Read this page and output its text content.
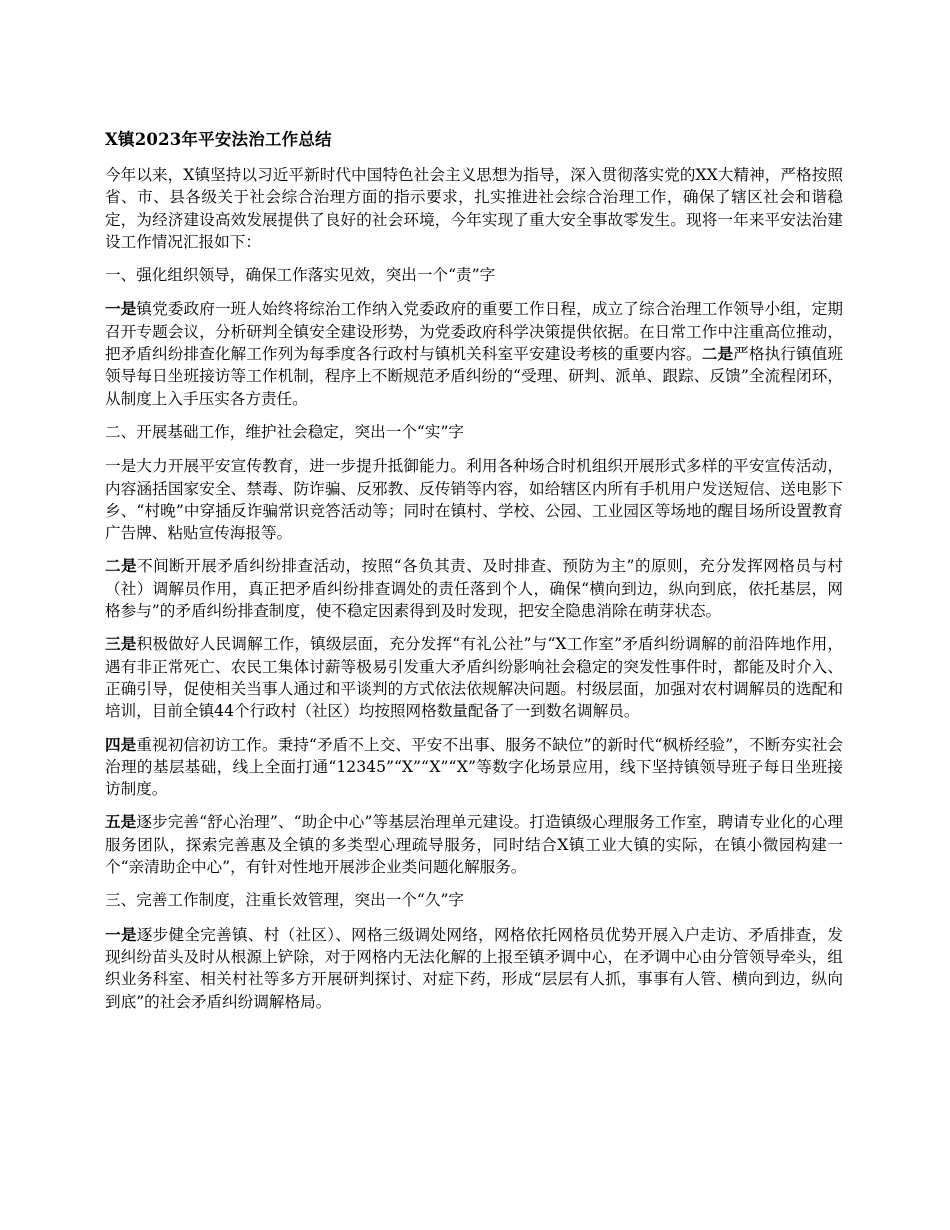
X镇2023年平安法治工作总结

今年以来，X镇坚持以习近平新时代中国特色社会主义思想为指导，深入贯彻落实党的XX大精神，严格按照省、市、县各级关于社会综合治理方面的指示要求，扎实推进社会综合治理工作，确保了辖区社会和谐稳定，为经济建设高效发展提供了良好的社会环境，今年实现了重大安全事故零发生。现将一年来平安法治建设工作情况汇报如下：

一、强化组织领导，确保工作落实见效，突出一个“责”字

一是镇党委政府一班人始终将综治工作纳入党委政府的重要工作日程，成立了综合治理工作领导小组，定期召开专题会议，分析研判全镇安全建设形势，为党委政府科学决策提供依据。在日常工作中注重高位推动，把矛盾纠纷排查化解工作列为每季度各行政村与镇机关科室平安建设考核的重要内容。二是严格执行镇值班领导每日坐班接访等工作机制，程序上不断规范矛盾纠纷的“受理、研判、派单、跟踪、反馈”全流程闭环，从制度上入手压实各方责任。

二、开展基础工作，维护社会稳定，突出一个“实”字

一是大力开展平安宣传教育，进一步提升抵御能力。利用各种场合时机组织开展形式多样的平安宣传活动，内容涵括国家安全、禁毒、防诈骗、反邪教、反传销等内容，如给辖区内所有手机用户发送短信、送电影下乡、“村晚”中穿插反诈骗常识竞答活动等；同时在镇村、学校、公园、工业园区等场地的醒目场所设置教育广告牌、粘贴宣传海报等。

二是不间断开展矛盾纠纷排查活动，按照“各负其责、及时排查、预防为主”的原则，充分发挥网格员与村（社）调解员作用，真正把矛盾纠纷排查调处的责任落到个人，确保“横向到边，纵向到底，依托基层，网格参与”的矛盾纠纷排查制度，使不稳定因素得到及时发现，把安全隐患消除在萌芽状态。

三是积极做好人民调解工作，镇级层面，充分发挥“有礼公社”与“X工作室”矛盾纠纷调解的前沿阵地作用，遇有非正常死亡、农民工集体讨薪等极易引发重大矛盾纠纷影响社会稳定的突发性事件时，都能及时介入、正确引导，促使相关当事人通过和平谈判的方式依法依规解决问题。村级层面，加强对农村调解员的选配和培训，目前全镇44个行政村（社区）均按照网格数量配备了一到数名调解员。

四是重视初信初访工作。秉持“矛盾不上交、平安不出事、服务不缺位”的新时代“枫桥经验”，不断夯实社会治理的基层基础，线上全面打通“12345”“X”“X”“X”等数字化场景应用，线下坚持镇领导班子每日坐班接访制度。

五是逐步完善“舒心治理”、“助企中心”等基层治理单元建设。打造镇级心理服务工作室，聘请专业化的心理服务团队，探索完善惠及全镇的多类型心理疏导服务，同时结合X镇工业大镇的实际，在镇小微园构建一个“亲清助企中心”，有针对性地开展涉企业类问题化解服务。

三、完善工作制度，注重长效管理，突出一个“久”字

一是逐步健全完善镇、村（社区）、网格三级调处网络，网格依托网格员优势开展入户走访、矛盾排查，发现纠纷苗头及时从根源上铲除，对于网格内无法化解的上报至镇矛调中心，在矛调中心由分管领导牵头，组织业务科室、相关村社等多方开展研判探讨、对症下药，形成“层层有人抓，事事有人管、横向到边，纵向到底”的社会矛盾纠纷调解格局。
